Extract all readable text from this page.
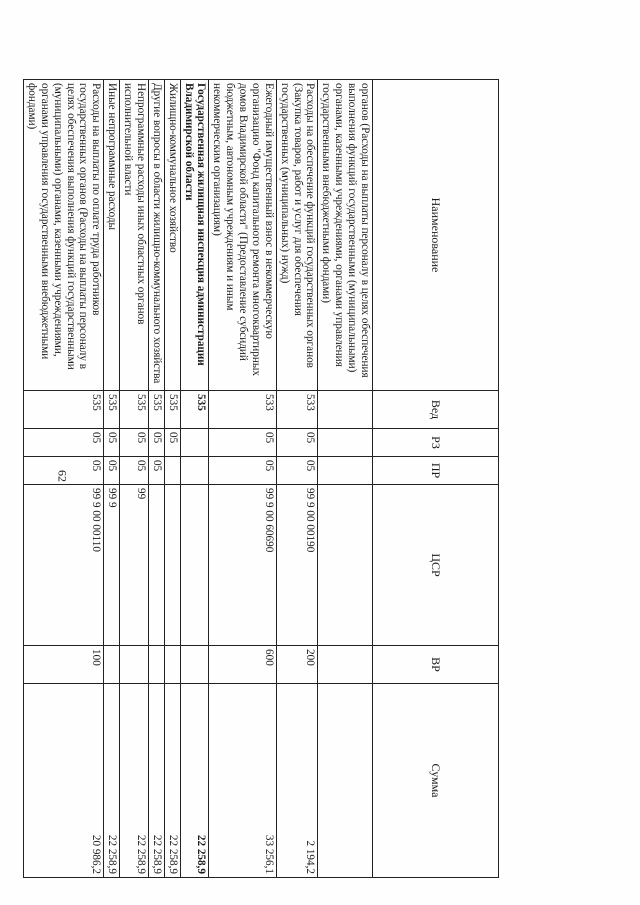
62
Наименование	Вед	РЗ	ПР	ЦСР	ВР	Сумма
органов (Расходы на выплаты персоналу в целях обеспечения выполнения функций государственными (муниципальными) органами, казенными учреждениями, органами управления государственными внебюджетными фондами)						
Расходы на обеспечение функций государственных органов (Закупка товаров, работ и услуг для обеспечения государственных (муниципальных) нужд)	533	05	05	99 9 00 00190	200	2 194,2
Ежегодный имущественный взнос в некоммерческую организацию "Фонд капитального ремонта многоквартирных домов Владимирской области" (Предоставление субсидий бюджетным, автономным учреждениям и иным некоммерческим организациям)	533	05	05	99 9 00 60690	600	33 256,1
Государственная жилищная инспекция администрации Владимирской области	535					22 258,9
Жилищно-коммунальное хозяйство	535	05				22 258,9
Другие вопросы в области жилищно-коммунального хозяйства	535	05	05			22 258,9
Непрограммные расходы иных областных органов исполнительной власти	535	05	05	99		22 258,9
Иные непрограммные расходы	535	05	05	99 9		22 258,9
Расходы на выплаты по оплате труда работников государственных органов (Расходы на выплаты персоналу в целях обеспечения выполнения функций государственными (муниципальными) органами, казенными учреждениями, органами управления государственными внебюджетными фондами)	535	05	05	99 9 00 00110	100	20 986,2
